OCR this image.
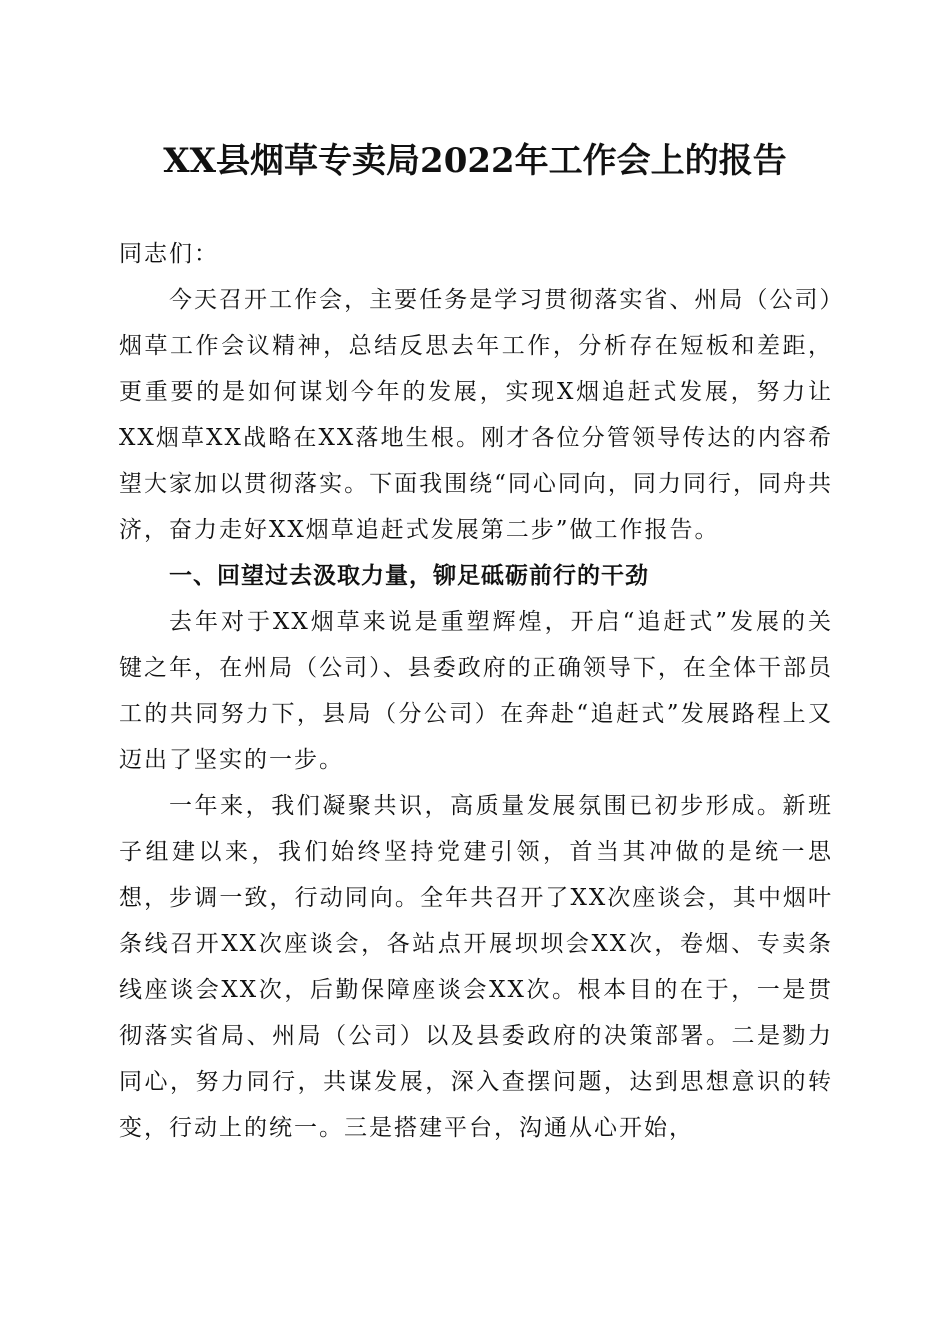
XX县烟草专卖局2022年工作会上的报告

同志们：

今天召开工作会，主要任务是学习贯彻落实省、州局（公司）烟草工作会议精神，总结反思去年工作，分析存在短板和差距，更重要的是如何谋划今年的发展，实现X烟追赶式发展，努力让XX烟草XX战略在XX落地生根。刚才各位分管领导传达的内容希望大家加以贯彻落实。下面我围绕“同心同向，同力同行，同舟共济，奋力走好XX烟草追赶式发展第二步”做工作报告。

一、回望过去汲取力量，铆足砥砺前行的干劲

去年对于XX烟草来说是重塑辉煌，开启“追赶式”发展的关键之年，在州局（公司）、县委政府的正确领导下，在全体干部员工的共同努力下，县局（分公司）在奔赴“追赶式”发展路程上又迈出了坚实的一步。

一年来，我们凝聚共识，高质量发展氛围已初步形成。新班子组建以来，我们始终坚持党建引领，首当其冲做的是统一思想，步调一致，行动同向。全年共召开了XX次座谈会，其中烟叶条线召开XX次座谈会，各站点开展坝坝会XX次，卷烟、专卖条线座谈会XX次，后勤保障座谈会XX次。根本目的在于，一是贯彻落实省局、州局（公司）以及县委政府的决策部署。二是勠力同心，努力同行，共谋发展，深入查摆问题，达到思想意识的转变，行动上的统一。三是搭建平台，沟通从心开始，
